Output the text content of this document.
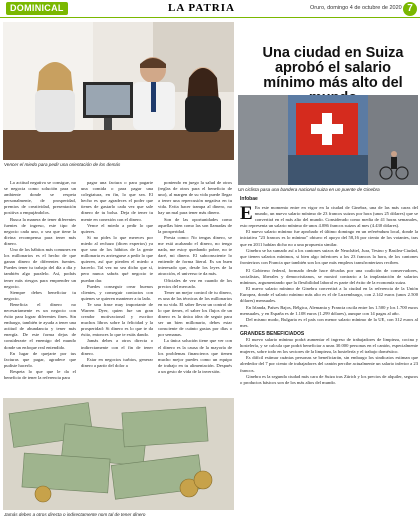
DOMINICAL	LA PATRIA	Oruro, domingo 4 de octubre de 2020 7
Vencer el miedo para pedir una orientación de los demás
Una ciudad en Suiza aprobó el salario mínimo más alto del
Un ciclista pasa una bandera nacional suiza en un puente de Ginebra
Infobae
Jamás debes a otros directa o indirectamente nom tal de tener dinero

La actitud negativa se consigue, no se negocia como solución para un ambiente donde se respeta personalmente, de prosperidad, premios de creatividad, presentación positiva a empujándolos.

Busca la manera de tener diferentes fuentes de ingreso, este tipo de negocio cada uno, o sea que tiene la divina recompensa para tener más dinero.

Uno de los hábitos más comunes en los millonarios es el hecho de que ganan dinero de diferentes fuentes. Puedes tener tu trabajo del día a día y también algo paralelo. Así, podrás tener más riesgos para emprender un negocio.

Siempre debes beneficiar tu negocio.

Beneficia el dinero no necesariamente es un negocio con éxito para lograr diferentes fines. Sin embargo, también te ayuda a tener una actitud de abundancia y tener más energía. De este forma dejas de considerarte el enemigo del mundo donde un enfoque real entendido.

En lugar de quejarte por tus facturas que pagar, agradece que pudiste hacerlo.

Respeta lo que que le da el beneficio de tener la referencia para

pagar una factura o para pagarte una comida o para pagar una colegiatura, en fin, lo que sea. El hecho es que agradeces el poder que tienes de gastarlo cada vez que sale dinero de tu bolsa. Deja de tener tu mente en conexión con el dinero.

Vence el miedo a pedir lo que quieres.

Si no pides lo que mereces por miedo al rechazo (dicen expertos) ya que uno de los hábitos de la gente millonaria es arriesgarse a pedir lo que quieren, así que pierden el miedo a hacerlo. Tal vez no sea dicho que sí, pero nunca sabrás qué negocio te puedan dar.

Puedes conseguir crear buenos clientes, y conseguir contactos con quienes se quieren mantener a tu lado.

Te una frase muy importante de Warren Dyer, quien fue un gran creador motivacional y escritor muchos libros sobre la felicidad y la prosperidad: Si dinero es lo que te da éxito, entonces lo que te estás dando.

Jamás debes a otros directa o indirectamente con el fin de tener dinero.

Estar en negocios turbios, generar dinero a partir del dolor a

poniendo en juego la salud de otros (reglas de otros para el beneficio de uno), al margen de su vida puede llegar a tener una repercusión negativa en tu vida. Evita hacer trampa al dinero, no hay un mal para tener más dinero.

Son de las oportunidades como aquellas bien como las son llamadas de la prosperidad.

Presta como: No tengas dinero, se me está acabando el dinero, no tengo nada, me estoy quedando pobre, no te daré, mi dinero. El subconsciente lo entiende de forma literal. Es un buen interesado que, desde los leyes de la atracción, el universo te da más.

Oficiales de vez en cuando de los precios del mercado.

Tener un mejor control de tu dinero, es una de las técnicas de los millonarios en su vida. El saber llevar un control de lo que tienes, el saber los flujos de un dinero es la única idea de seguir para ser un bien millonario, debes estar consciente de cuánto gastas por días o por semanas.

La única solución tiene que ver con el dinero es la causa de la mayoría de los problemas financieros que tienen mucho mejor puedes como un equipo de trabajo en tu alimentación. Después a un gesto de vida de la inversión.

E En este momento entre en vigor en la ciudad de Ginebra, una de las más caras del mundo, un nuevo salario mínimo de 23 francos suizos por hora (unos 25 dólares) que se convertirá en el más alto del mundo. Considerado como media de 41 horas semanales, esto representa un salario mínimo de unos 4.086 francos suizos al mes (4.430 dólares).

El nuevo salario mínimo fue aprobado el último domingo en un referéndum local, donde la iniciativa "23 francos es lo mínimo" obtuvo el apoyo del 58,16 por ciento de los votantes, tras que en 2011 habían dicho no a una propuesta similar.

Ginebra se ha sumado así a los cantones suizos de Neuchâtel, Jura, Tesino y Basilea-Ciudad, que tienen salarios mínimos, si bien algo inferiores a los 23 francos la hora, de los cantones fronterizos con Francia que también son los que más empleos transfronterizos reciben.

El Gobierno federal, formado desde hace décadas por una coalición de conservadores, socialistas, liberales y democristianos, se mostró contrario a la implantación de salarios mínimos, argumentando que la flexibilidad laboral es parte del éxito de la economía suiza.

El nuevo salario mínimo de Ginebra convertirá a la ciudad en la referencia de la Unión Europea, donde el salario mínimo más alto es el de Luxemburgo, con 2.142 euros (unos 2.500 dólares) mensuales.

En Irlanda, Países Bajos, Bélgica, Alemania y Francia oscila entre los 1.500 y los 1.700 euros mensuales, y en España es de 1.108 euros (1.299 dólares), aunque con 14 pagas al año.

Del mismo modo, Bulgaria es el país con menor salario mínimo de la UE, con 312 euros al mes.

GRANDES BENEFICIADOS

El nuevo salario mínimo podrá aumentar el ingreso de trabajadores de limpieza, cocina y hostelería, y se calcula que podrá beneficiar a unas 30.000 personas en el cantón, especialmente mujeres, sobre todo en los sectores de la limpieza, la hostelería y el trabajo doméstico.

Es difícil estimar cuántas personas se beneficiarán, sin embargo los sindicatos estiman que alrededor del 7 por ciento de trabajadores del cantón percibe actualmente un salario inferior a 23 francos.

Ginebra es la segunda ciudad más cara de Suiza tras Zúrich y los precios de alquiler, seguros o productos básicos son de los más altos del mundo.
